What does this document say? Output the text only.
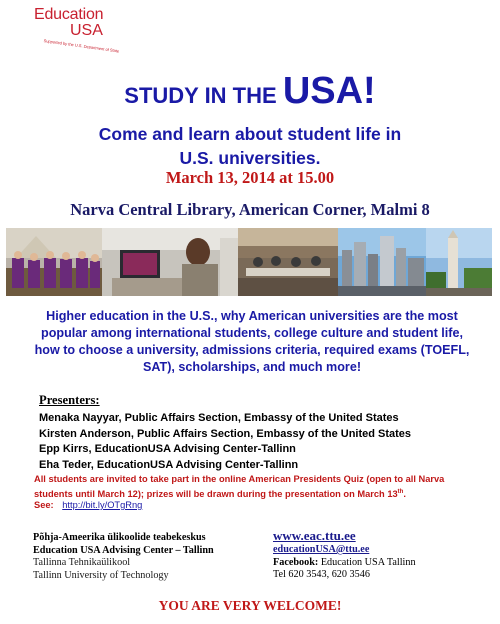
Education
USA
Supported by the U.S. Department of State
STUDY IN THE USA!
Come and learn about student life in
U.S. universities.
March 13, 2014 at 15.00
Narva Central Library, American Corner, Malmi 8
Higher education in the U.S., why American universities are the most popular among international students, college culture and student life, how to choose a university, admissions criteria, required exams (TOEFL, SAT), scholarships, and much more!
Presenters:
Menaka Nayyar, Public Affairs Section, Embassy of the United States
Kirsten Anderson, Public Affairs Section, Embassy of the United States
Epp Kirrs, EducationUSA Advising Center-Tallinn
Eha Teder, EducationUSA Advising Center-Tallinn
All students are invited to take part in the online American Presidents Quiz (open to all Narva students until March 12); prizes will be drawn during the presentation on March 13th.
See: http://bit.ly/OTgRng
Põhja-Ameerika ülikoolide teabekeskus
Education USA Advising Center – Tallinn
Tallinna Tehnikaülikool
Tallinn University of Technology
www.eac.ttu.ee
educationUSA@ttu.ee
Facebook: Education USA Tallinn
Tel 620 3543, 620 3546
YOU ARE VERY WELCOME!
